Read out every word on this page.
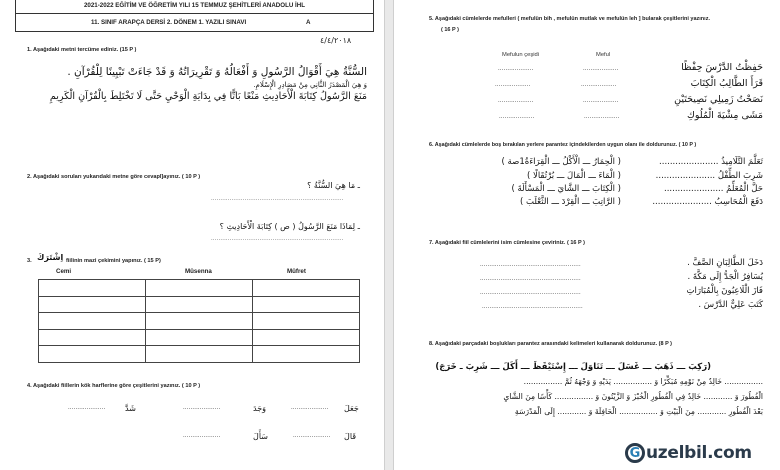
2021-2022 EĞİTİM VE ÖĞRETİM YILI 15 TEMMUZ ŞEHİTLERİ ANADOLU İHL
11. SINIF ARAPÇA DERSİ 2. DÖNEM 1. YAZILI SINAVI	A
٤/٤/٢٠١٨
1. Aşağıdaki metni tercüme ediniz. (15 P )
السُّنَّةُ هِيَ أَقْوَالُ الرَّسُولِ وَ أَفْعَالُهُ وَ تَقْرِيرَاتُهُ وَ قَدْ جَاءَتْ تَبْيِينًا لِلْقُرْآنِ .
وَ هِيَ الْمَصْدَرُ الثَّانِي مِنْ مَصَادِرِ الْإِسْلَامِ.
مَنَعَ الرَّسُولُ كِتَابَةَ الْأَحَادِيثِ مَنْعًا بَاتًّا فِي بِدَايَةِ الْوَحْيِ حَتَّى لَا تَخْتَلِطَ بِالْقُرْآنِ الْكَرِيمِ
2. Aşağıdaki soruları yukarıdaki metne göre cevapl]ayınız. ( 10 P )
ـ مَا هِيَ السُّنَّةُ ؟
.......................................................................
ـ لِمَاذَا مَنَعَ الرَّسُولُ ( ص ) كِتَابَةَ الْأَحَادِيثِ ؟
.......................................................................
3. اِشْتَرَكَ fiilinin mazi çekimini yapınız. ( 15 P)
Cemi	Müsenna	Müfret

4. Aşağıdaki fiillerin kök harflerine göre çeşitlerini yazınız. ( 10 P )
جَعَلَ
....................
وَجَدَ
....................
شَدَّ
....................
قَالَ
....................
سَأَلَ
....................
5. Aşağıdaki cümlelerde mefulleri ( mefulün bih , mefulün mutlak ve mefulün leh ] bularak çeşitlerini yazınız.
( 16 P )
Mefulun çeşidi	Meful
حَفِظْتُ الدَّرْسَ حِفْظًا
...................	...................
قَرَأَ الطَّالِبُ الْكِتَابَ
...................	...................
نَصَحْتُ زَمِيلِي نَصِيحَتَيْنِ
...................	...................
مَشَى مِشْيَةَ الْمُلُوكِ
...................	...................
6. Aşağıdaki cümlelerde boş bırakılan yerlere parantez içindekilerden uygun olanı ile doldurunuz. ( 10 P )
تَعَلَّمَ التَّلَامِيذُ ......................
( الْحِمَارُ ـــ الْأَكْلُ ـــ الْقِرَاءَةُ1صة )
شَرِبَ الطِّفْلُ ......................
( الْمَاءَ ـــ الْمَالَ ـــ بُرْتُقَالًا )
حَلَّ الْمُعَلِّمُ ......................
( الْكِتَابَ ـــ الشَّايَ ـــ الْمَسْأَلَةَ )
دَفَعَ الْمُحَاسِبُ ......................
( الرَّاتِبَ ـــ الْقِرْدَ ـــ الثَّعْلَبَ )
7. Aşağıdaki fiil cümlelerini isim cümlesine çeviriniz. ( 16 P )
دَخَلَ الطَّالِبَانِ الصَّفَّ .
......................................................
يُسَافِرُ الْجَدُّ إِلَى مَكَّةَ .
......................................................
فَازَ الْلَاعِبُونَ بِالْمُبَارَاتِ
......................................................
كَتَبَ عَلِيٌّ الدَّرْسَ .
......................................................
8. Aşağıdaki parçadaki boşlukları parantez arasındaki kelimeleri kullanarak doldurunuz. (8 P )
(رَكِبَ ـــ ذَهَبَ ـــ غَسَلَ ـــ تَنَاوَلَ ـــ إِسْتَيْقَظَ ـــ أَكَلَ ـــ شَرِبَ ـ خَرَجَ)
................ خَالِدٌ مِنْ نَوْمِهِ مُبَكِّرًا وَ ................ يَدَيْهِ وَ وَجْهَهُ ثُمَّ ................
الْفُطُورَ وَ ............ خَالِدٌ فِي الْفُطُورِ الْخُبْزَ وَ الزَّيْتُونَ وَ ................ كَأْسًا مِنَ الشَّايِ
بَعْدَ الْفُطُورِ ............ مِنَ الْبَيْتِ وَ ................ الْحَافِلَةَ وَ ............ إِلَى الْمَدْرَسَةِ
G uzelbil.com
